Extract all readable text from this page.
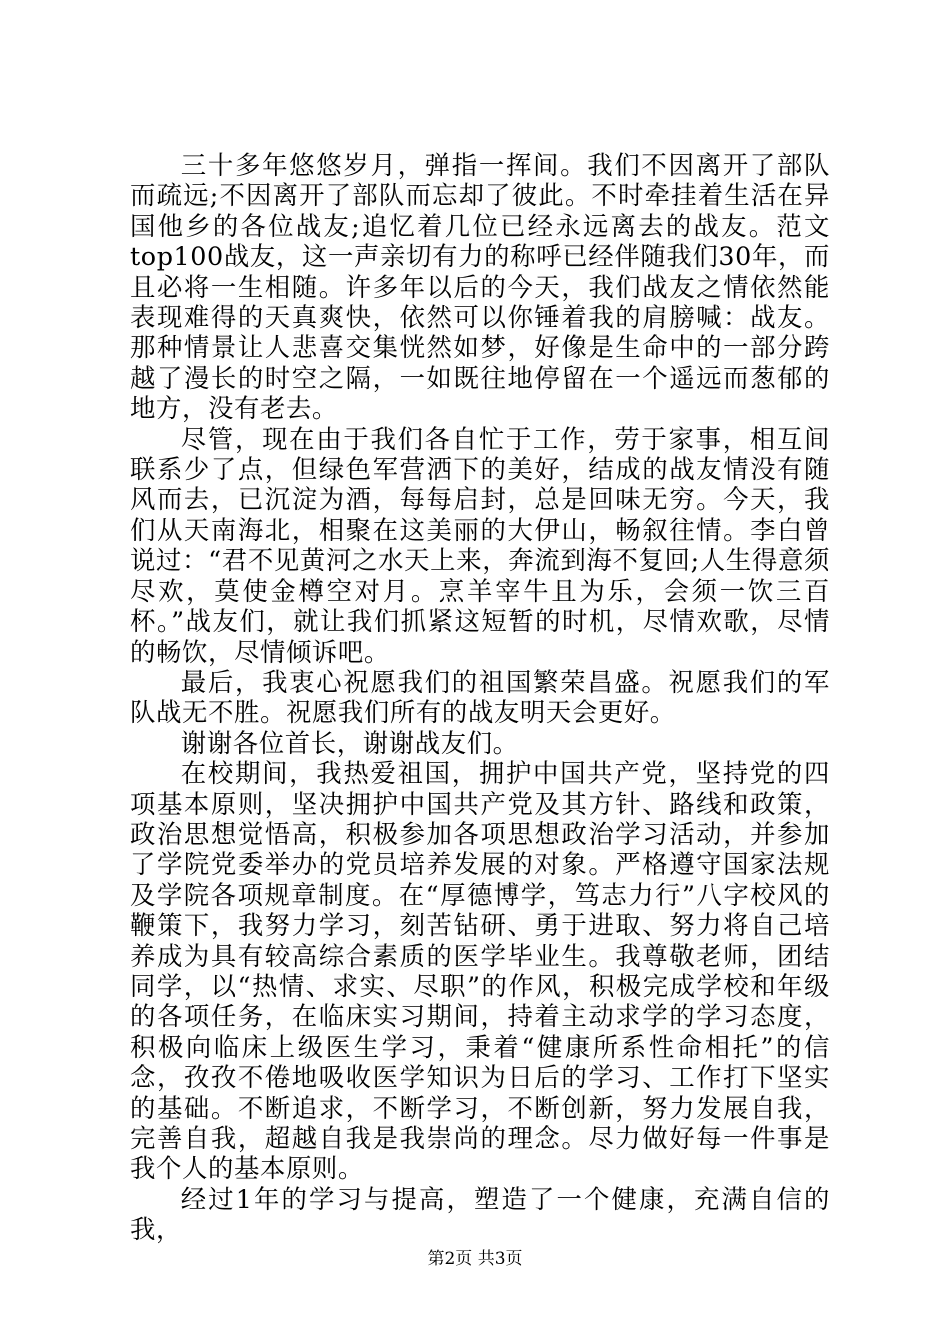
三十多年悠悠岁月，弹指一挥间。我们不因离开了部队而疏远;不因离开了部队而忘却了彼此。不时牵挂着生活在异国他乡的各位战友;追忆着几位已经永远离去的战友。范文top100战友，这一声亲切有力的称呼已经伴随我们30年，而且必将一生相随。许多年以后的今天，我们战友之情依然能表现难得的天真爽快，依然可以你锤着我的肩膀喊：战友。那种情景让人悲喜交集恍然如梦，好像是生命中的一部分跨越了漫长的时空之隔，一如既往地停留在一个遥远而葱郁的地方，没有老去。

尽管，现在由于我们各自忙于工作，劳于家事，相互间联系少了点，但绿色军营洒下的美好，结成的战友情没有随风而去，已沉淀为酒，每每启封，总是回味无穷。今天，我们从天南海北，相聚在这美丽的大伊山，畅叙往情。李白曾说过：“君不见黄河之水天上来，奔流到海不复回;人生得意须尽欢，莫使金樽空对月。烹羊宰牛且为乐，会须一饮三百杯。”战友们，就让我们抓紧这短暂的时机，尽情欢歌，尽情的畅饮，尽情倾诉吧。

最后，我衷心祝愿我们的祖国繁荣昌盛。祝愿我们的军队战无不胜。祝愿我们所有的战友明天会更好。

谢谢各位首长，谢谢战友们。

在校期间，我热爱祖国，拥护中国共产党，坚持党的四项基本原则，坚决拥护中国共产党及其方针、路线和政策，政治思想觉悟高，积极参加各项思想政治学习活动，并参加了学院党委举办的党员培养发展的对象。严格遵守国家法规及学院各项规章制度。在“厚德博学，笃志力行”八字校风的鞭策下，我努力学习，刻苦钻研、勇于进取、努力将自己培养成为具有较高综合素质的医学毕业生。我尊敬老师，团结同学，以“热情、求实、尽职”的作风，积极完成学校和年级的各项任务，在临床实习期间，持着主动求学的学习态度，积极向临床上级医生学习，秉着“健康所系性命相托”的信念，孜孜不倦地吸收医学知识为日后的学习、工作打下坚实的基础。不断追求，不断学习，不断创新，努力发展自我，完善自我，超越自我是我崇尚的理念。尽力做好每一件事是我个人的基本原则。

经过1年的学习与提高，塑造了一个健康，充满自信的我，

第2页 共3页
